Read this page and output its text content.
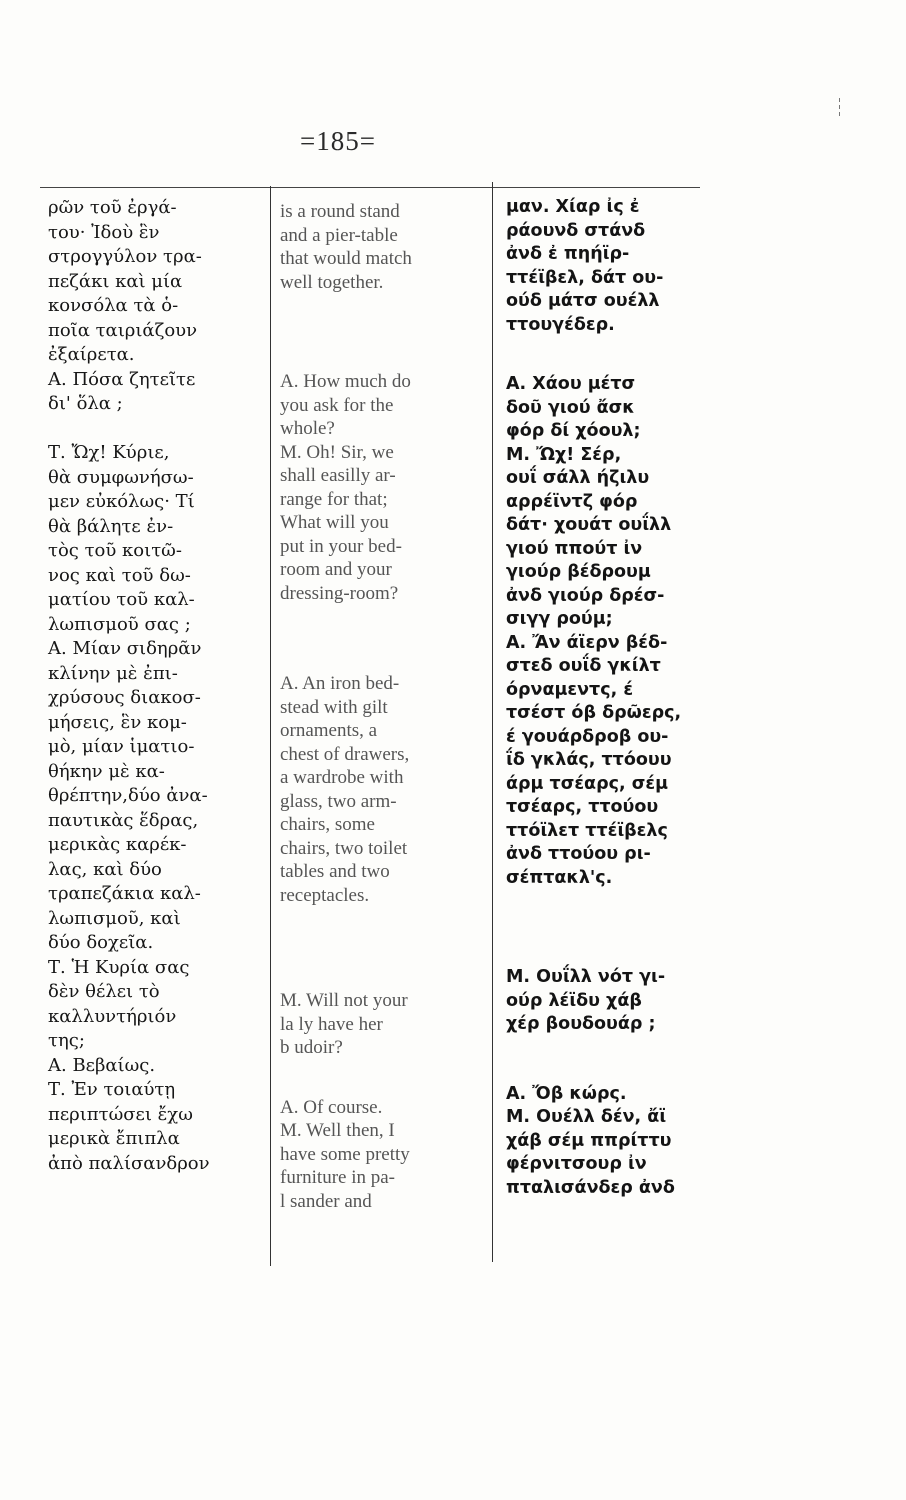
=185=

ρῶν τοῦ ἐργά-

του· Ἰδοὺ ἓν

στρογγύλον τρα-

πεζάκι καὶ μία

κονσόλα τὰ ὁ-

ποῖα ταιριάζουν

ἐξαίρετα.

Α. Πόσα ζητεῖτε

δι' ὅλα ;

Τ. Ὤχ! Κύριε,

θὰ συμφωνήσω-

μεν εὐκόλως· Τί

θὰ βάλητε ἐν-

τὸς τοῦ κοιτῶ-

νος καὶ τοῦ δω-

ματίου τοῦ καλ-

λωπισμοῦ σας ;

Α. Μίαν σιδηρᾶν

κλίνην μὲ ἐπι-

χρύσους διακοσ-

μήσεις, ἓν κομ-

μὸ, μίαν ἱματιο-

θήκην μὲ κα-

θρέπτην,δύο ἀνα-

παυτικὰς ἕδρας,

μερικὰς καρέκ-

λας, καὶ δύο

τραπεζάκια καλ-

λωπισμοῦ, καὶ

δύο δοχεῖα.

Τ. Ἡ Κυρία σας

δὲν θέλει τὸ

καλλυντήριόν

της;

Α. Βεβαίως.

Τ. Ἐν τοιαύτῃ

περιπτώσει ἔχω

μερικὰ ἔπιπλα

ἀπὸ παλίσανδρον

is a round stand

and a pier-table

that would match

well together.

A. How much do

you ask for the

whole?

M. Oh! Sir, we

shall easilly ar-

range for that;

What will you

put in your bed-

room and your

dressing-room?

A. An iron bed-

stead with gilt

ornaments, a

chest of drawers,

a wardrobe with

glass, two arm-

chairs, some

chairs, two toilet

tables and two

receptacles.

M. Will not your

la ly have her

b udoir?

A. Of course.

M. Well then, I

have some pretty

furniture in pa-

l sander and

μαν. Χίαρ ἰς ἐ

ράουνδ στάνδ

ἀνδ ἐ πηήϊρ-

ττέϊβελ, δάτ ου-

ούδ μάτσ ουέλλ

ττουγέδερ.

Α. Χάου μέτσ

δοῦ γιού ἄσκ

φόρ δί χόουλ;

Μ. Ὤχ! Σέρ,

ουΐ σάλλ ήζιλυ

αρρέϊντζ φόρ

δάτ· χουάτ ουΐλλ

γιού ππούτ ἰν

γιούρ βέδρουμ

ἀνδ γιούρ δρέσ-

σιγγ ρούμ;

Α. Ἄν άϊερν βέδ-

στεδ ουΐδ γκίλτ

όρναμεντς, έ

τσέστ όβ δρῶερς,

έ γουάρδροβ ου-

ΐδ γκλάς, ττόουυ

άρμ τσέαρς, σέμ

τσέαρς, ττούου

ττόϊλετ ττέϊβελς

ἀνδ ττούου ρι-

σέπτακλ'ς.

Μ. Ουΐλλ νότ γι-

ούρ λέϊδυ χάβ

χέρ βουδουάρ ;

Α. Ὄβ κώρς.

Μ. Ουέλλ δέν, ἄϊ

χάβ σέμ ππρίττυ

φέρνιτσουρ ἰν

πταλισάνδερ ἀνδ
